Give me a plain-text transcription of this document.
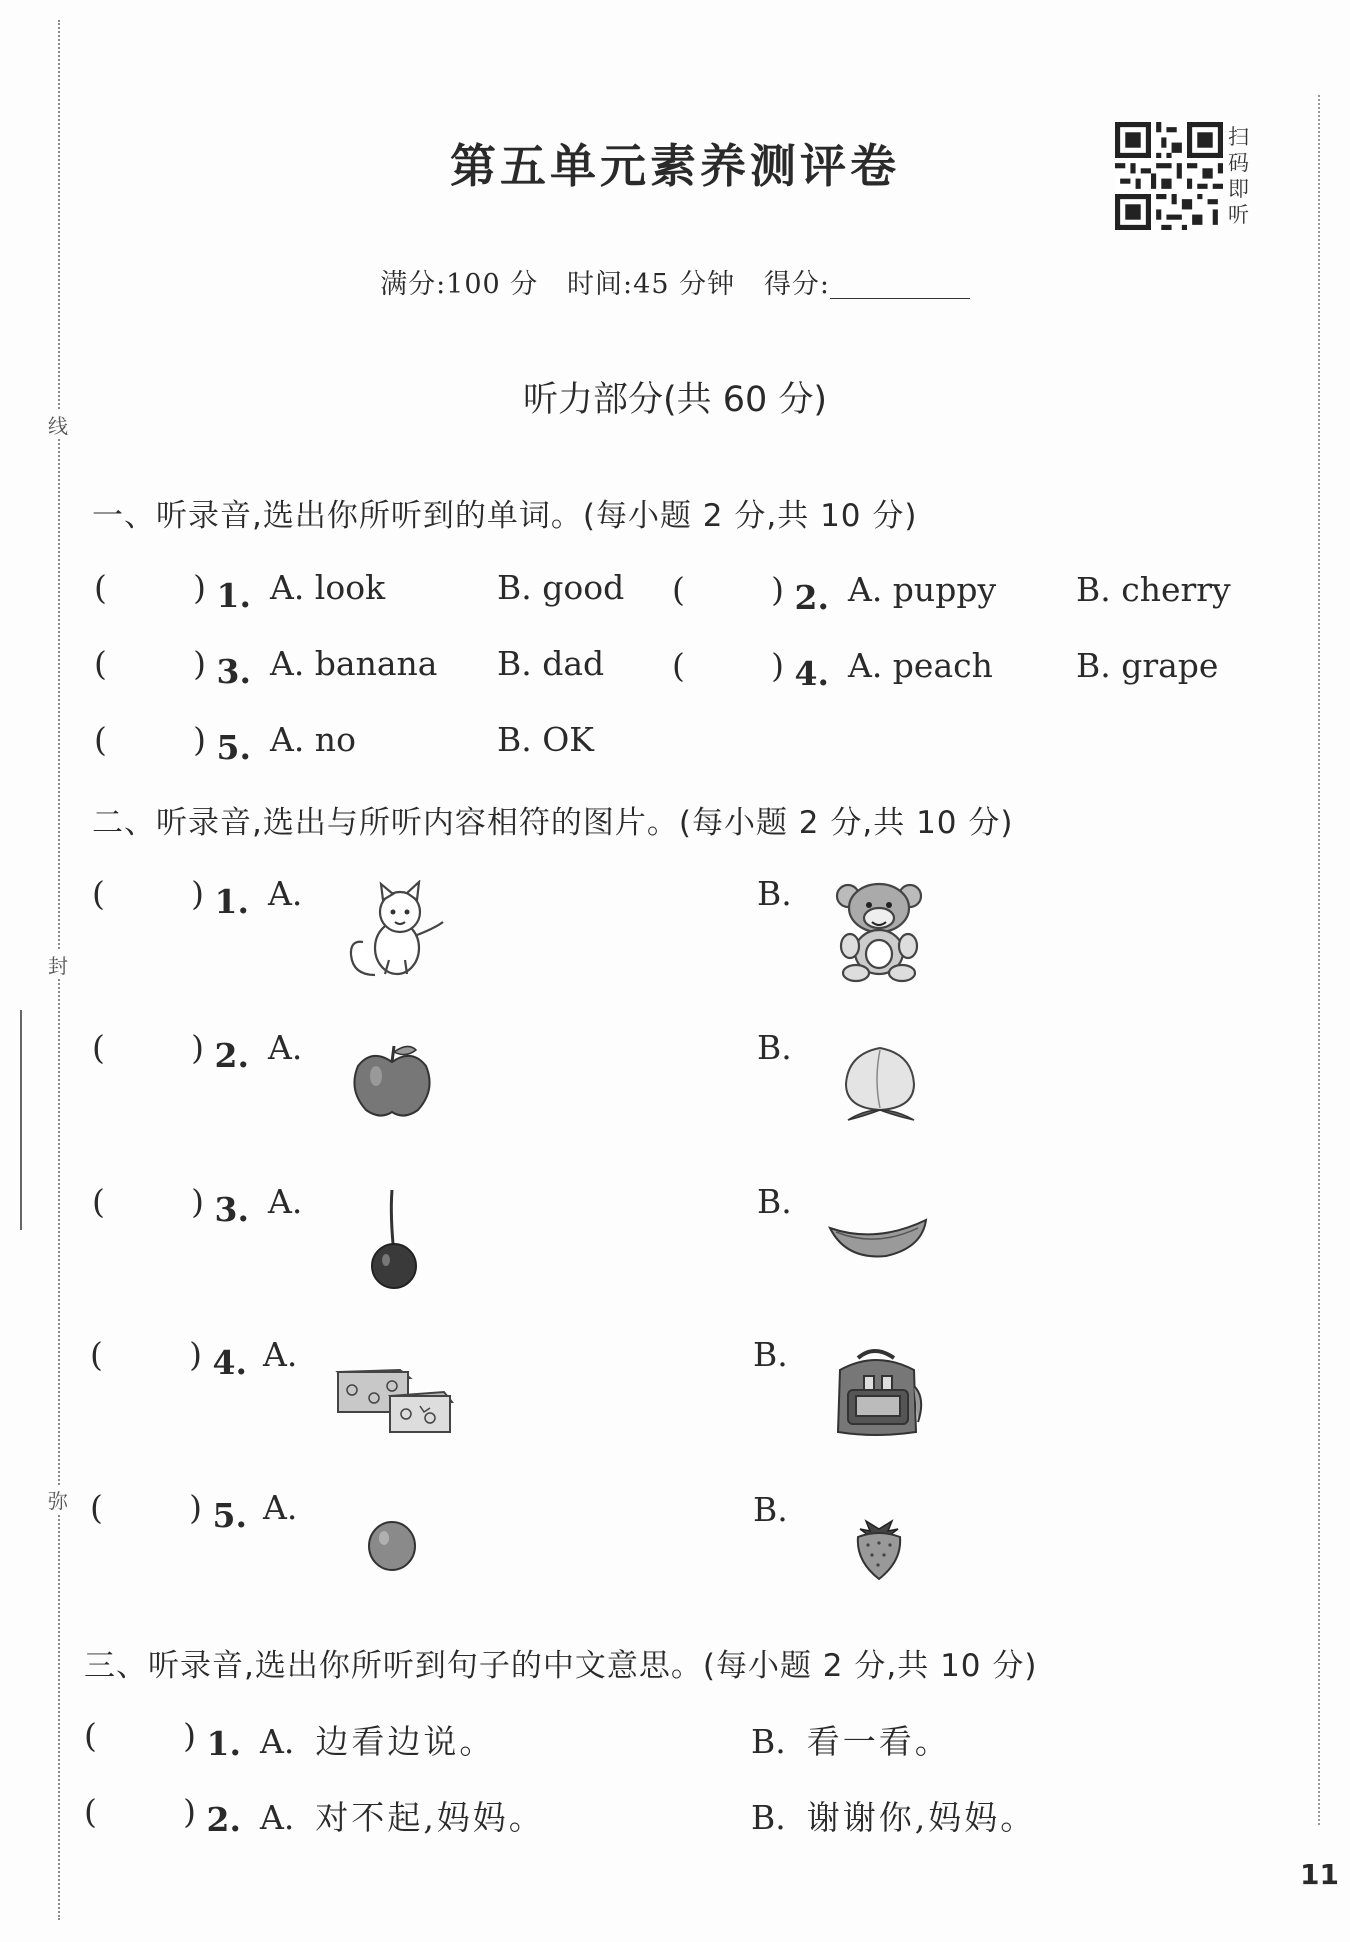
线
封
弥
第五单元素养测评卷
扫
码
即
听
满分:100 分   时间:45 分钟   得分:
听力部分(共 60 分)
一、听录音,选出你所听到的单词。(每小题 2 分,共 10 分)
(	) 1. A. look	B. good (	) 2. A. puppy B. cherry
(	) 3. A. banana B. dad (	) 4. A. peach	B. grape
(	) 5. A. no	B. OK
二、听录音,选出与所听内容相符的图片。(每小题 2 分,共 10 分)
(	) 1. A.	B.
(	) 2. A.	B.
(	) 3. A.	B.
(	) 4. A.	B.
(	) 5. A.	B.
三、听录音,选出你所听到句子的中文意思。(每小题 2 分,共 10 分)
(	) 1. A. 边看边说。	B. 看一看。
(	) 2. A. 对不起,妈妈。	B. 谢谢你,妈妈。
11
